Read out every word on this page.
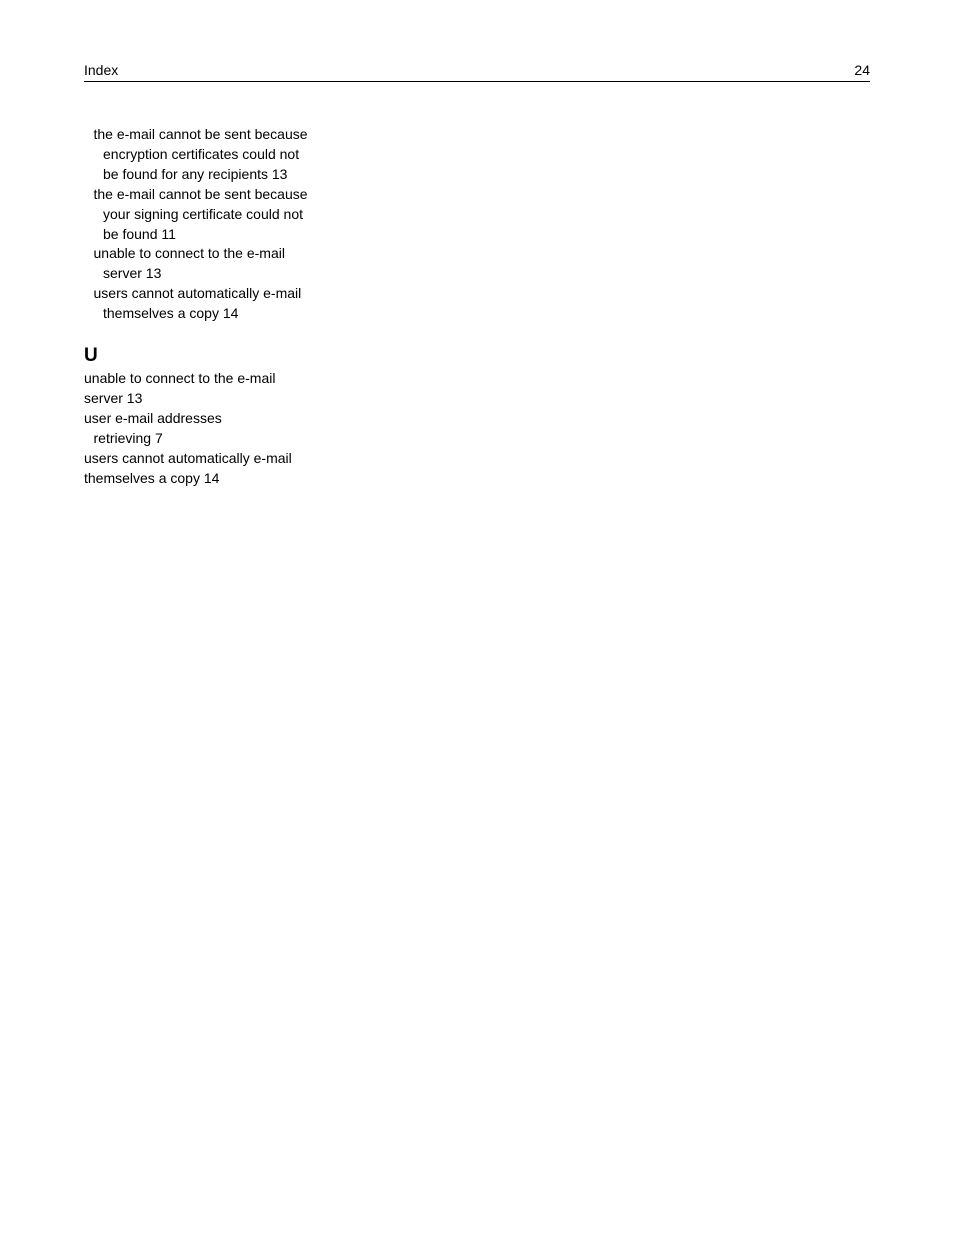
Index	24
the e-mail cannot be sent because
encryption certificates could not
be found for any recipients 13
the e-mail cannot be sent because
your signing certificate could not
be found 11
unable to connect to the e-mail
server 13
users cannot automatically e-mail
themselves a copy 14
U
unable to connect to the e-mail
server 13
user e-mail addresses
retrieving 7
users cannot automatically e-mail
themselves a copy 14
